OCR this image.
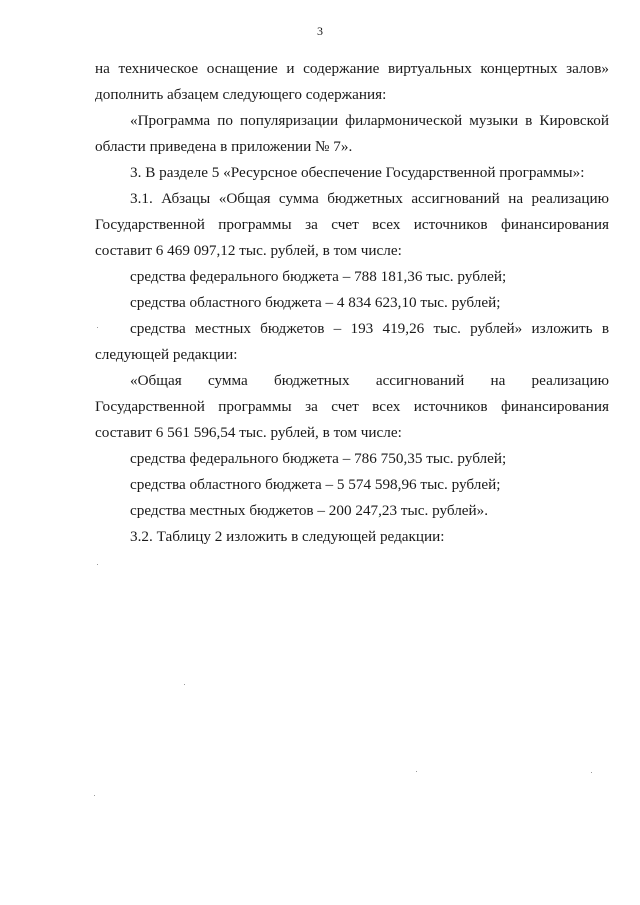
3

на техническое оснащение и содержание виртуальных концертных залов» дополнить абзацем следующего содержания:

«Программа по популяризации филармонической музыки в Кировской области приведена в приложении № 7».

3. В разделе 5 «Ресурсное обеспечение Государственной программы»:

3.1. Абзацы «Общая сумма бюджетных ассигнований на реализацию Государственной программы за счет всех источников финансирования составит 6 469 097,12 тыс. рублей, в том числе:

средства федерального бюджета – 788 181,36 тыс. рублей;

средства областного бюджета – 4 834 623,10 тыс. рублей;

средства местных бюджетов – 193 419,26 тыс. рублей» изложить в следующей редакции:

«Общая сумма бюджетных ассигнований на реализацию Государственной программы за счет всех источников финансирования составит 6 561 596,54 тыс. рублей, в том числе:

средства федерального бюджета – 786 750,35 тыс. рублей;

средства областного бюджета – 5 574 598,96 тыс. рублей;

средства местных бюджетов – 200 247,23 тыс. рублей».

3.2. Таблицу 2 изложить в следующей редакции:
